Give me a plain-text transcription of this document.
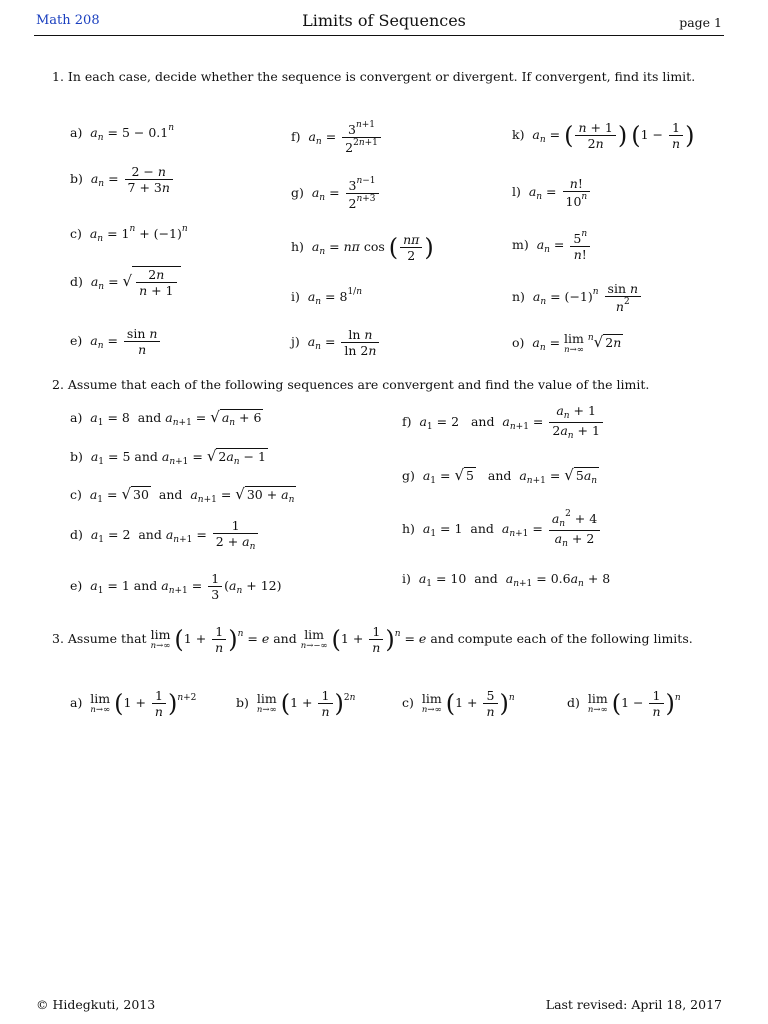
Math 208	Limits of Sequences	page 1
1. In each case, decide whether the sequence is convergent or divergent. If convergent, find its limit.
a) $a_n = 5 - 0.1^n$
b) $a_n = \frac{2 - n}{7 + 3n}$
c) $a_n = 1^n + (-1)^n$
d) $a_n$ = √ $\frac{2n}{n + 1}$
e) $a_n = \frac{\text{sin n}}{n}$
f) $a_n = \frac{3^{n+1}}{2^{2n+1}}$
g) $a_n = \frac{3^{n-1}}{2^{n+3}}$
h) $a_n = n\pi$ cos ( $\frac{n\pi}{2}$ )
i) $a_n = 8^{1/n}$
j) $a_n = \frac{\text{ln n}}{\ln 2n}$
k) $a_n$ = ( $\frac{n + 1}{2n}$ ) ($1 - \frac{1}{n}$ )
l) $a_n = \frac{n!}{10^n}$
m) $a_n = \frac{5^n}{n!}$
n) $a_n = (-1)^n \frac{\text{sin n}}{n^2}$
o) $a_n = \lim$
n→∞
$^n$√ 2n
2. Assume that each of the following sequences are convergent and find the value of the limit.
a) $a_1 = 8$  and $a_{n+1}$ = √ $a_n + 6$
b) $a_1 = 5$ and $a_{n+1}$ = √ $2a_n - 1$
c) $a_1$ = √ 30  and  $a_{n+1}$ = √ $30 + a_n$
d) $a_1 = 2$  and $a_{n+1} = \frac{1}{2 + a_n}$
e) $a_1 = 1$ and $a_{n+1} = \frac{1}{3} (a_n + 12)$
f) $a_1 = 2$   and  $a_{n+1} = \frac{a_n + 1}{2a_n + 1}$
g) $a_1$ = √ 5   and  $a_{n+1}$ = √ $5a_n$
h) $a_1 = 1$  and  $a_{n+1} = \frac{a_n^2 + 4}{a_n + 2}$
i) $a_1 = 10$  and  $a_{n+1} = 0.6a_n + 8$
3. Assume that lim
n→∞ $(1 + \frac{1}{n} )^n = e$ and lim
n→−∞ $(1 + \frac{1}{n} )^n = e$ and compute each of the following limits.
a) lim
n→∞ $(1 + \frac{1}{n} )^{n+2}$	b) lim
n→∞ $(1 + \frac{1}{n} )^{2n}$	c) lim
n→∞ $(1 + \frac{5}{n} )^n$	d) lim
n→∞ $(1 - \frac{1}{n} )^n$
© Hidegkuti, 2013	Last revised: April 18, 2017
